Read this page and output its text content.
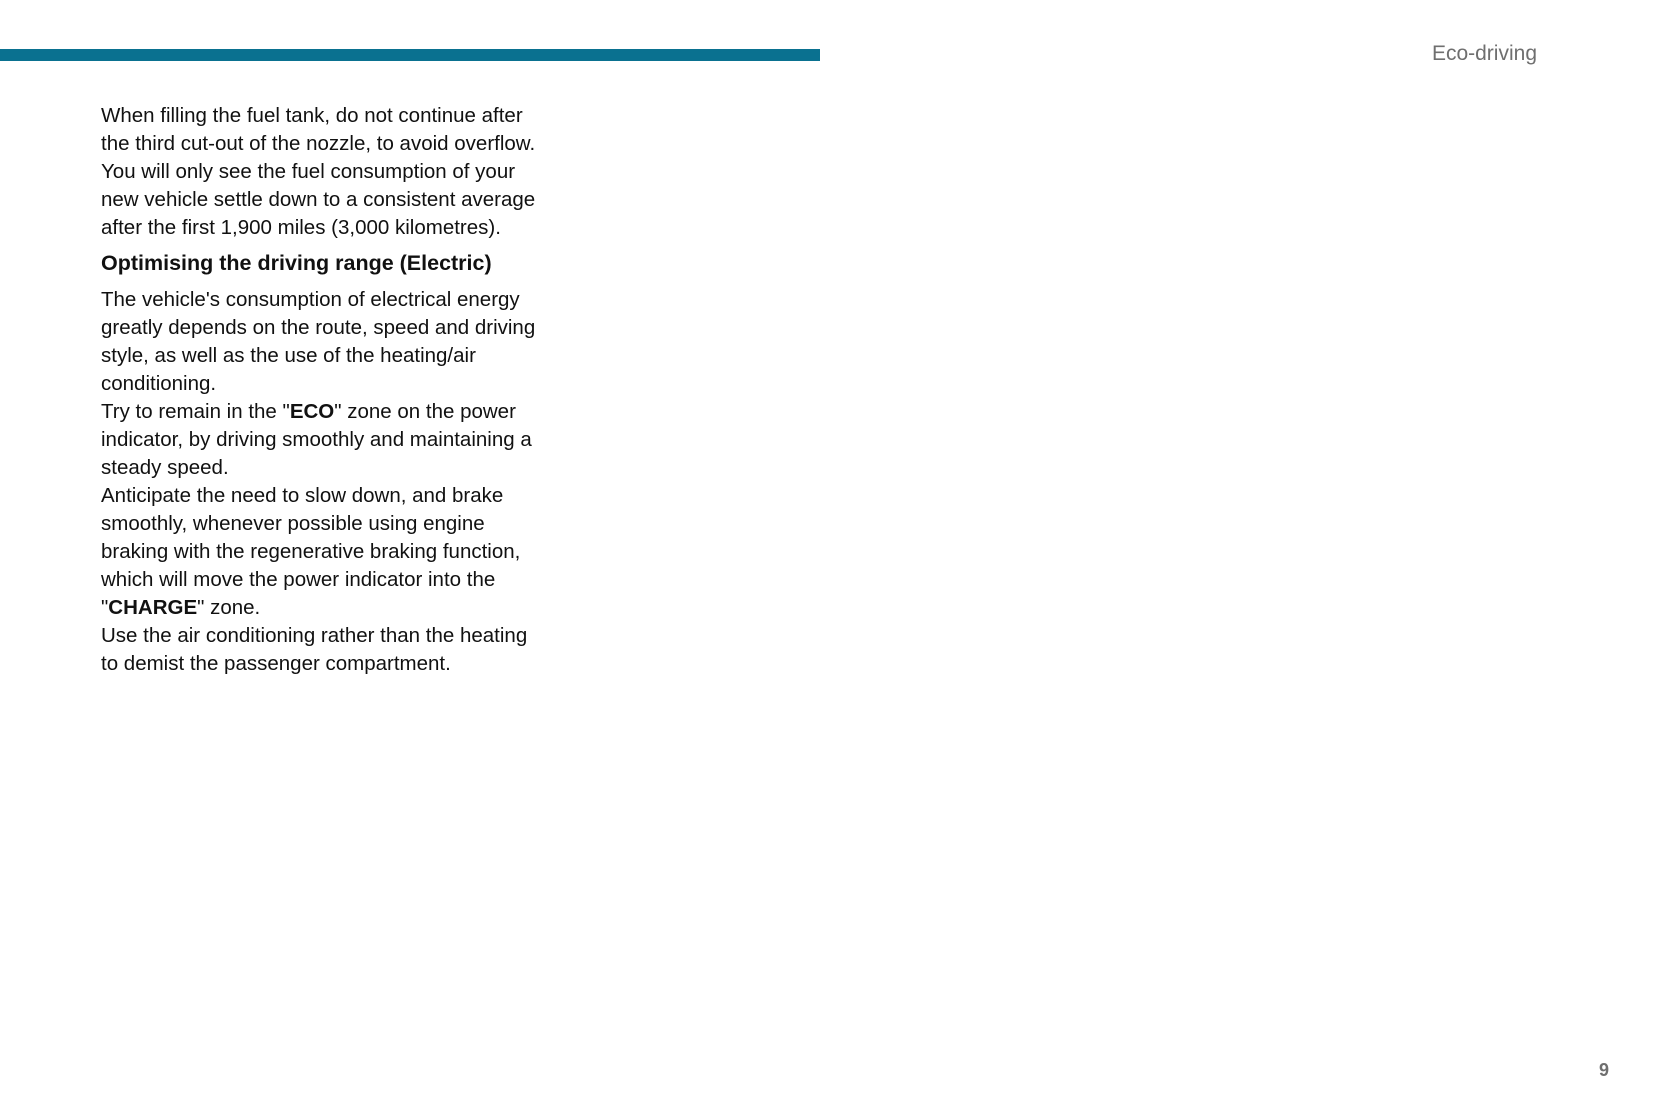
Eco-driving

When filling the fuel tank, do not continue after
the third cut-out of the nozzle, to avoid overflow.
You will only see the fuel consumption of your
new vehicle settle down to a consistent average
after the first 1,900 miles (3,000 kilometres).

Optimising the driving range (Electric)

The vehicle's consumption of electrical energy
greatly depends on the route, speed and driving
style, as well as the use of the heating/air
conditioning.

Try to remain in the "ECO" zone on the power
indicator, by driving smoothly and maintaining a
steady speed.

Anticipate the need to slow down, and brake
smoothly, whenever possible using engine
braking with the regenerative braking function,
which will move the power indicator into the
"CHARGE" zone.

Use the air conditioning rather than the heating
to demist the passenger compartment.

9
